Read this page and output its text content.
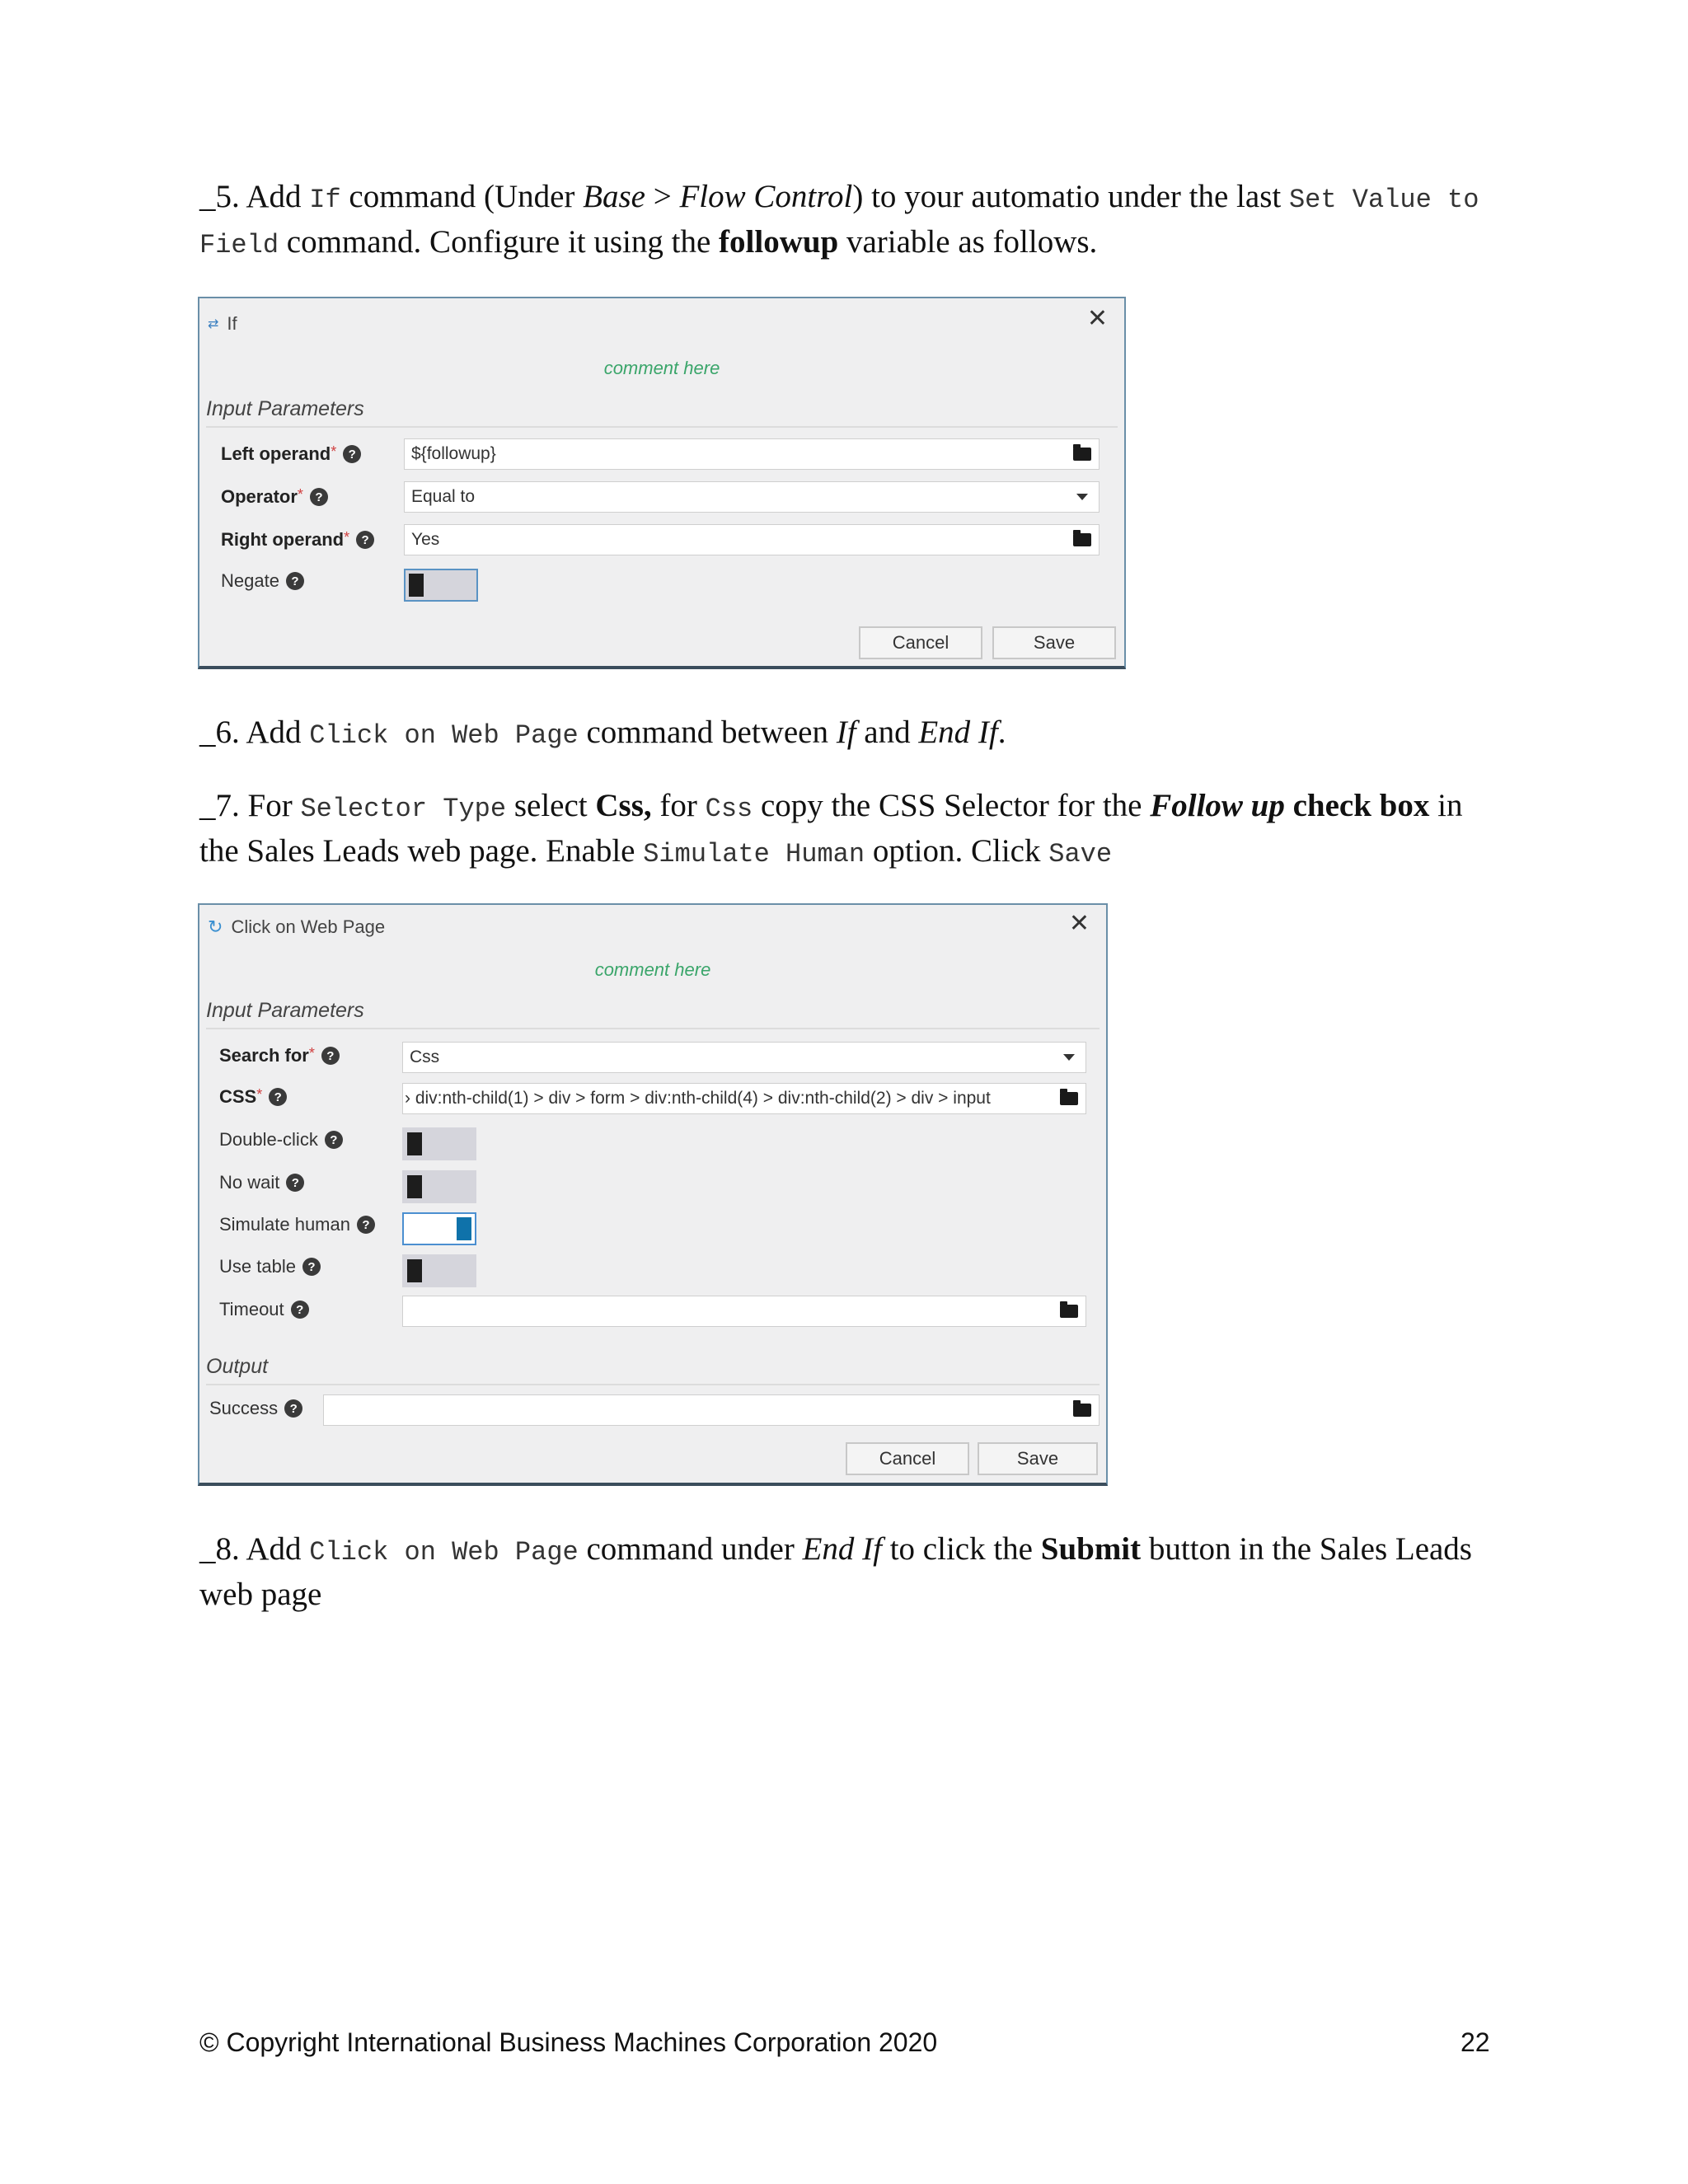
_5. Add If command (Under Base > Flow Control) to your automatio under the last Set Value to Field command. Configure it using the followup variable as follows.
⇄ If	✕
comment here
Input Parameters
Left operand* ?	${followup}
Operator* ?	Equal to
Right operand* ?	Yes
Negate ?
Cancel	Save
_6. Add Click on Web Page command between If and End If.
_7. For Selector Type select Css, for Css copy the CSS Selector for the Follow up check box in the Sales Leads web page. Enable Simulate Human option. Click Save
↻ Click on Web Page	✕
comment here
Input Parameters
Search for* ?	Css
CSS* ?	› div:nth-child(1) > div > form > div:nth-child(4) > div:nth-child(2) > div > input
Double-click ?
No wait ?
Simulate human ?
Use table ?
Timeout ?
Output
Success ?
Cancel	Save
_8. Add Click on Web Page command under End If to click the Submit button in the Sales Leads web page
© Copyright International Business Machines Corporation 2020	22
